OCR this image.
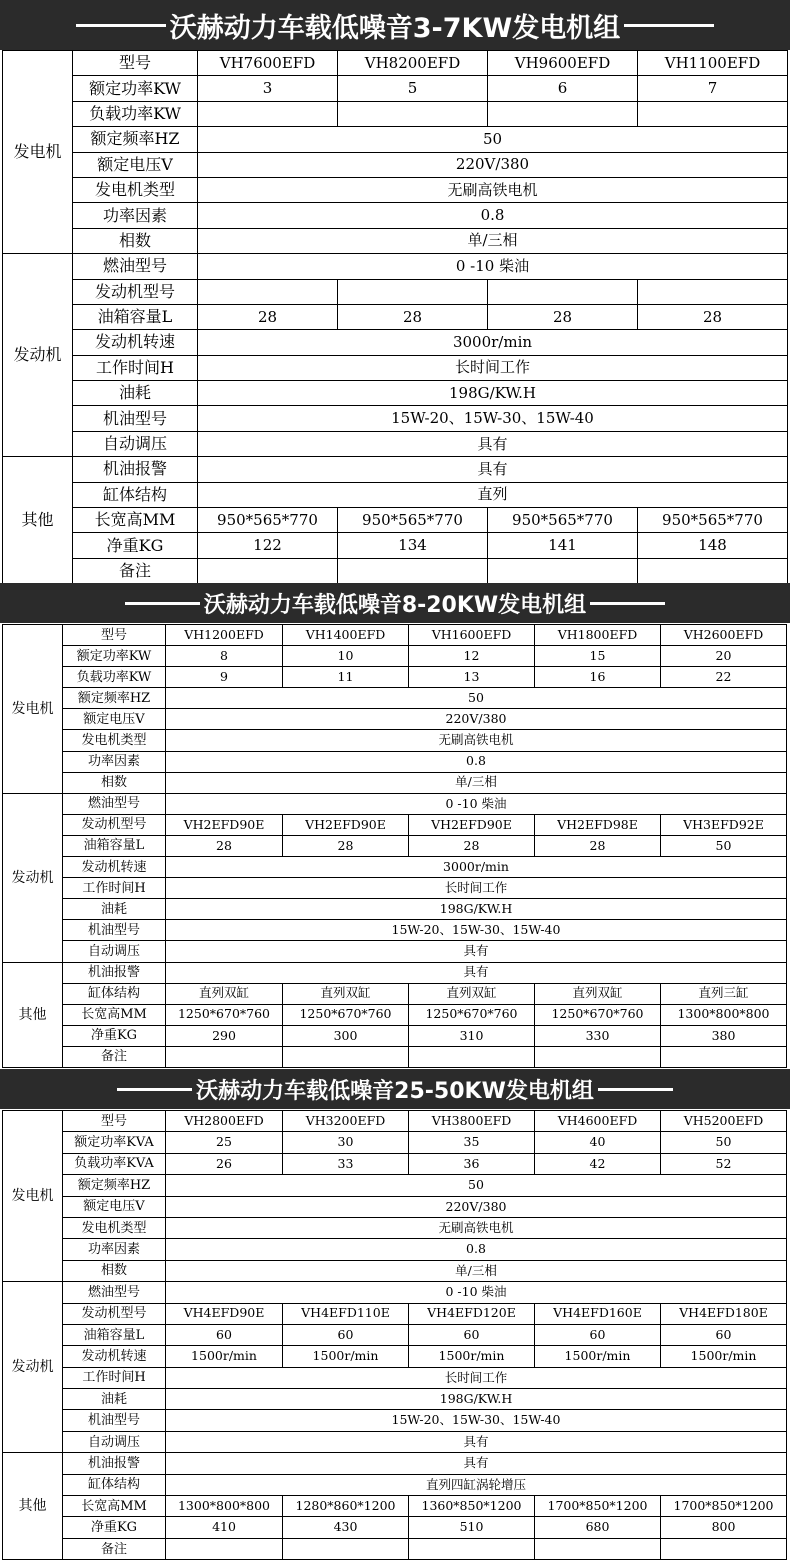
沃赫动力车载低噪音3-7KW发电机组
发电机	型号	VH7600EFD	VH8200EFD	VH9600EFD	VH1100EFD
	额定功率KW	3	5	6	7
	负载功率KW				
	额定频率HZ	50			
	额定电压V	220V/380			
	发电机类型	无刷高铁电机			
	功率因素	0.8			
	相数	单/三相			
发动机	燃油型号	0 -10 柴油			
	发动机型号				
	油箱容量L	28	28	28	28
	发动机转速	3000r/min			
	工作时间H	长时间工作			
	油耗	198G/KW.H			
	机油型号	15W-20、15W-30、15W-40			
	自动调压	具有			
其他	机油报警	具有			
	缸体结构	直列			
	长宽高MM	950*565*770	950*565*770	950*565*770	950*565*770
	净重KG	122	134	141	148
	备注				
沃赫动力车载低噪音8-20KW发电机组
发电机	型号	VH1200EFD	VH1400EFD	VH1600EFD	VH1800EFD	VH2600EFD
	额定功率KW	8	10	12	15	20
	负载功率KW	9	11	13	16	22
	额定频率HZ	50				
	额定电压V	220V/380				
	发电机类型	无刷高铁电机				
	功率因素	0.8				
	相数	单/三相				
发动机	燃油型号	0 -10 柴油				
	发动机型号	VH2EFD90E	VH2EFD90E	VH2EFD90E	VH2EFD98E	VH3EFD92E
	油箱容量L	28	28	28	28	50
	发动机转速	3000r/min				
	工作时间H	长时间工作				
	油耗	198G/KW.H				
	机油型号	15W-20、15W-30、15W-40				
	自动调压	具有				
其他	机油报警	具有				
	缸体结构	直列双缸	直列双缸	直列双缸	直列双缸	直列三缸
	长宽高MM	1250*670*760	1250*670*760	1250*670*760	1250*670*760	1300*800*800
	净重KG	290	300	310	330	380
	备注					
沃赫动力车载低噪音25-50KW发电机组
发电机	型号	VH2800EFD	VH3200EFD	VH3800EFD	VH4600EFD	VH5200EFD
	额定功率KVA	25	30	35	40	50
	负载功率KVA	26	33	36	42	52
	额定频率HZ	50				
	额定电压V	220V/380				
	发电机类型	无刷高铁电机				
	功率因素	0.8				
	相数	单/三相				
发动机	燃油型号	0 -10 柴油				
	发动机型号	VH4EFD90E	VH4EFD110E	VH4EFD120E	VH4EFD160E	VH4EFD180E
	油箱容量L	60	60	60	60	60
	发动机转速	1500r/min	1500r/min	1500r/min	1500r/min	1500r/min
	工作时间H	长时间工作				
	油耗	198G/KW.H				
	机油型号	15W-20、15W-30、15W-40				
	自动调压	具有				
其他	机油报警	具有				
	缸体结构	直列四缸涡轮增压				
	长宽高MM	1300*800*800	1280*860*1200	1360*850*1200	1700*850*1200	1700*850*1200
	净重KG	410	430	510	680	800
	备注					
